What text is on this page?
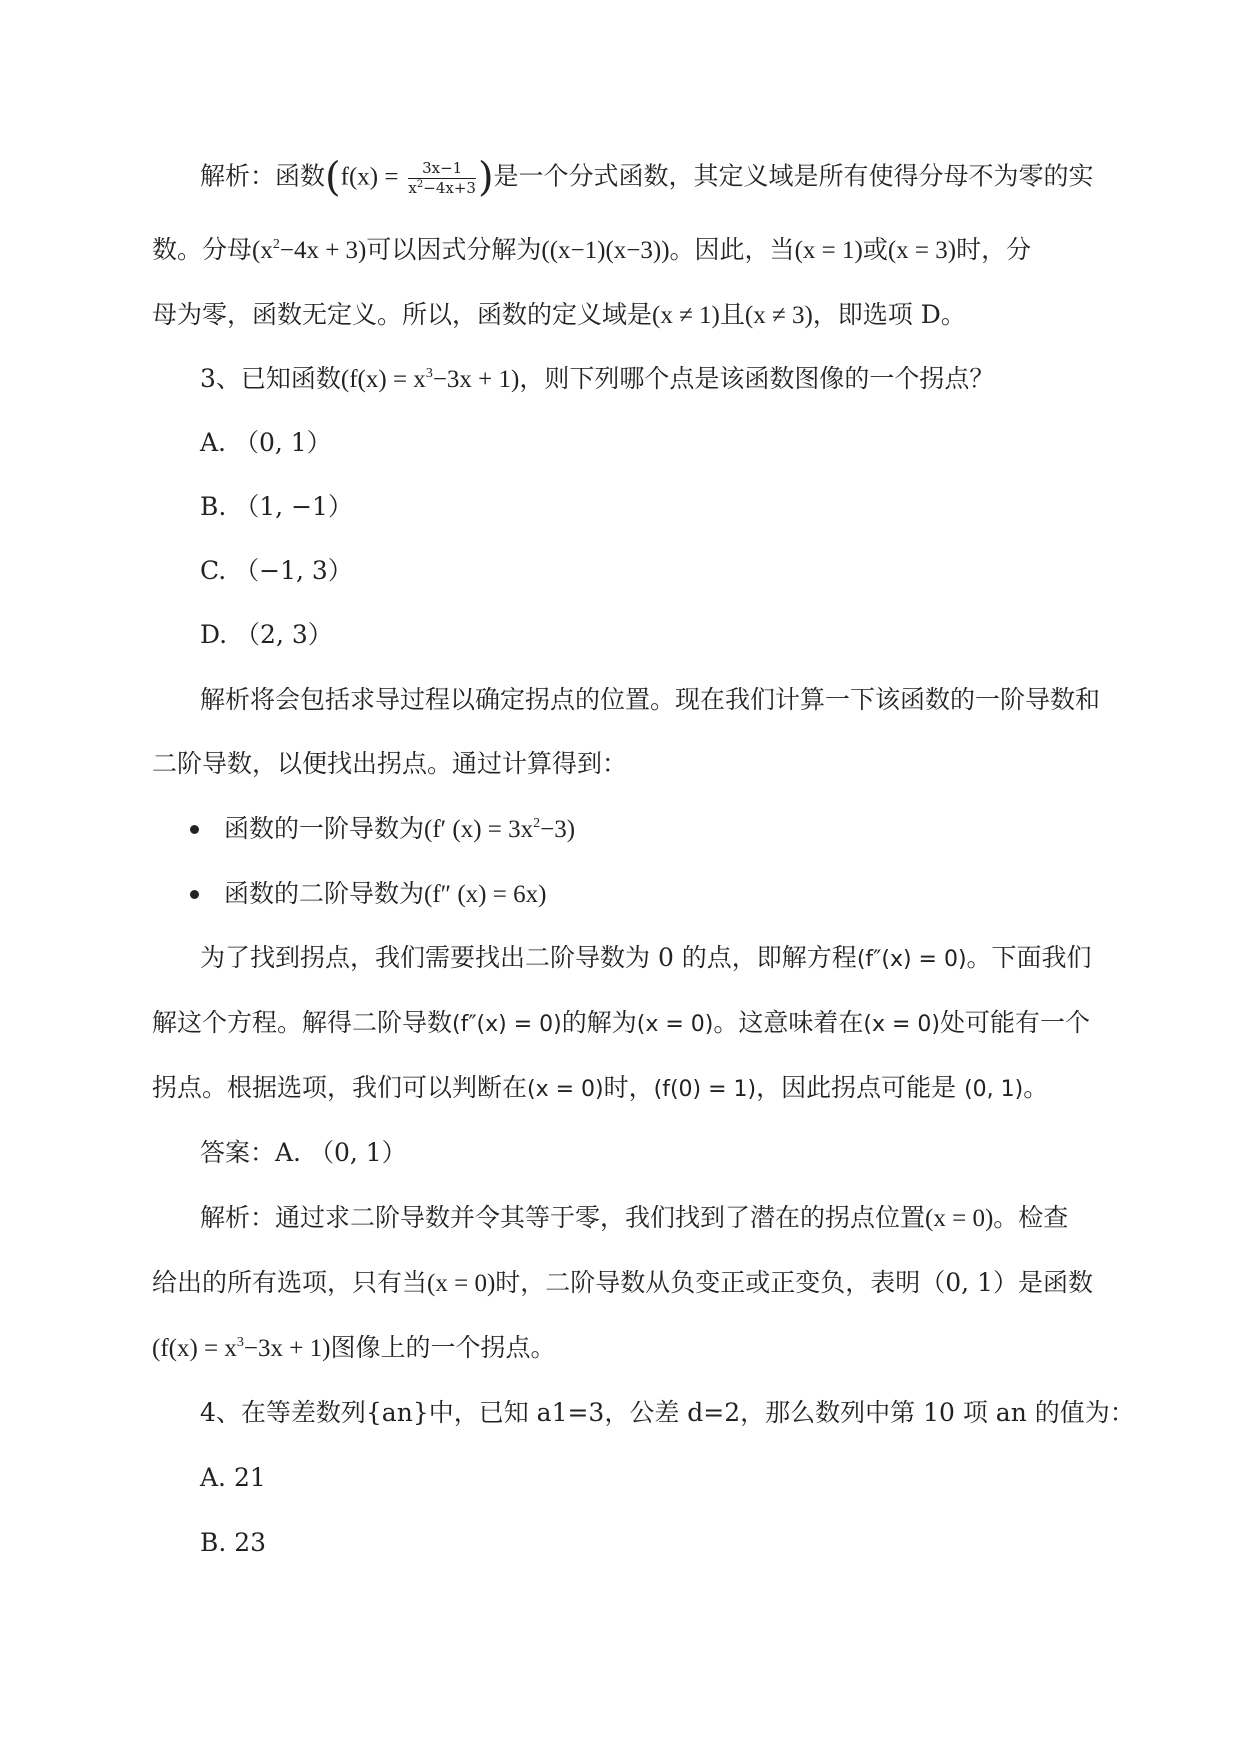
解析：函数($f(x) = \frac{3x-1}{x^2-4x+3}$ )是一个分式函数，其定义域是所有使得分母不为零的实
数。分母$(x^2-4x + 3)$可以因式分解为((x−1)(x−3))。因此，当(x = 1)或(x = 3)时，分
母为零，函数无定义。所以，函数的定义域是(x ≠ 1)且(x ≠ 3)，即选项 D。
3、已知函数$(f(x) = x^3-3x + 1)$，则下列哪个点是该函数图像的一个拐点？
A. （0, 1）
B. （1, −1）
C. （−1, 3）
D. （2, 3）
解析将会包括求导过程以确定拐点的位置。现在我们计算一下该函数的一阶导数和
二阶导数，以便找出拐点。通过计算得到：
函数的一阶导数为(f′ $(x) = 3x^2-3$)
函数的二阶导数为(f″ (x) = 6x)
为了找到拐点，我们需要找出二阶导数为 0 的点，即解方程(f″(x) = 0)。下面我们
解这个方程。解得二阶导数(f″(x) = 0)的解为(x = 0)。这意味着在(x = 0)处可能有一个
拐点。根据选项，我们可以判断在(x = 0)时，(f(0) = 1)，因此拐点可能是 (0, 1)。
答案：A. （0, 1）
解析：通过求二阶导数并令其等于零，我们找到了潜在的拐点位置(x = 0)。检查
给出的所有选项，只有当(x = 0)时，二阶导数从负变正或正变负，表明（0, 1）是函数
$(f(x) = x^3-3x + 1)$图像上的一个拐点。
4、在等差数列{an}中，已知 a1=3，公差 d=2，那么数列中第 10 项 an 的值为：
A. 21
B. 23
